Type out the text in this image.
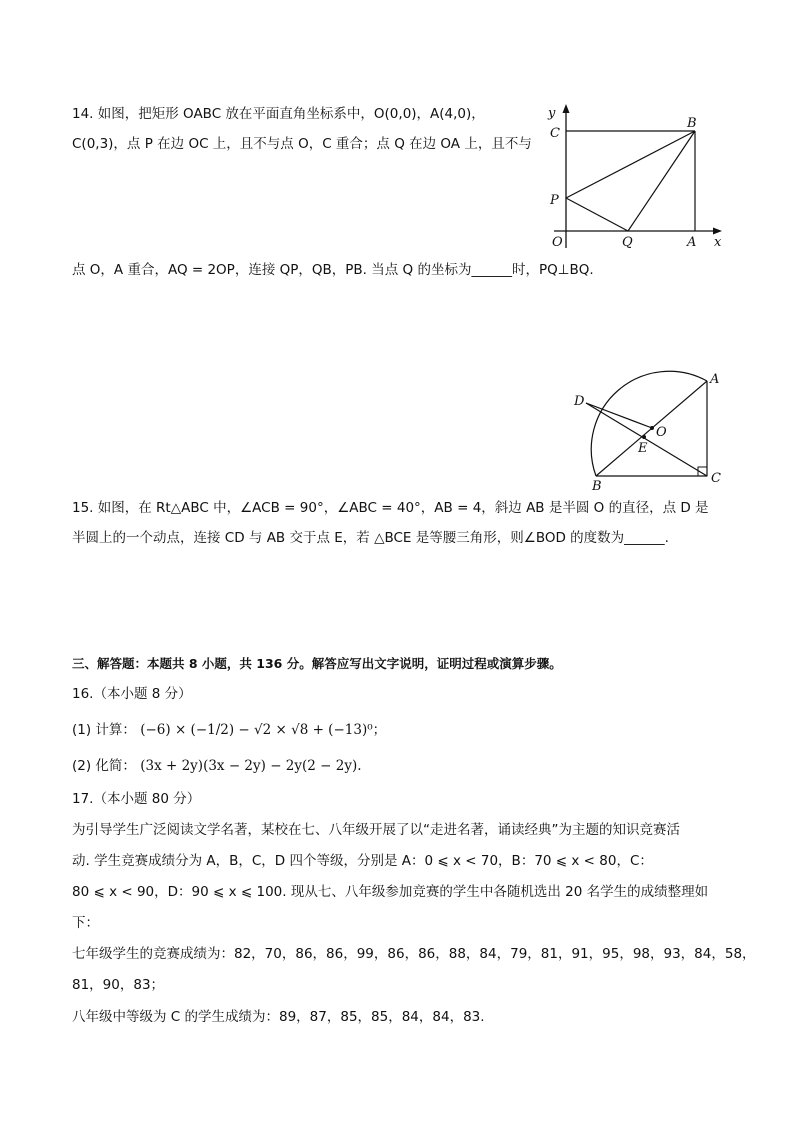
14. 如图，把矩形 OABC 放在平面直角坐标系中，O(0,0)，A(4,0)，
C(0,3)，点 P 在边 OC 上，且不与点 O，C 重合；点 Q 在边 OA 上，且不与
点 O，A 重合，AQ = 2OP，连接 QP，QB，PB. 当点 Q 的坐标为______时，PQ⊥BQ.
y
x
C
B
P
O	Q	A
A
D
O
E
B
C
15. 如图，在 Rt△ABC 中，∠ACB = 90°，∠ABC = 40°，AB = 4，斜边 AB 是半圆 O 的直径，点 D 是
半圆上的一个动点，连接 CD 与 AB 交于点 E，若 △BCE 是等腰三角形，则∠BOD 的度数为______.
三、解答题：本题共 8 小题，共 136 分。解答应写出文字说明，证明过程或演算步骤。
16.（本小题 8 分）
(1) 计算： (−6) × (−1/2) − √2 × √8 + (−13)⁰；
(2) 化简： (3x + 2y)(3x − 2y) − 2y(2 − 2y).
17.（本小题 80 分）
为引导学生广泛阅读文学名著，某校在七、八年级开展了以“走进名著，诵读经典”为主题的知识竞赛活
动. 学生竞赛成绩分为 A，B，C，D 四个等级，分别是 A：0 ⩽ x < 70，B：70 ⩽ x < 80，C：
80 ⩽ x < 90，D：90 ⩽ x ⩽ 100. 现从七、八年级参加竞赛的学生中各随机选出 20 名学生的成绩整理如
下：
七年级学生的竞赛成绩为：82，70，86，86，99，86，86，88，84，79，81，91，95，98，93，84，58，
81，90，83；
八年级中等级为 C 的学生成绩为：89，87，85，85，84，84，83.
